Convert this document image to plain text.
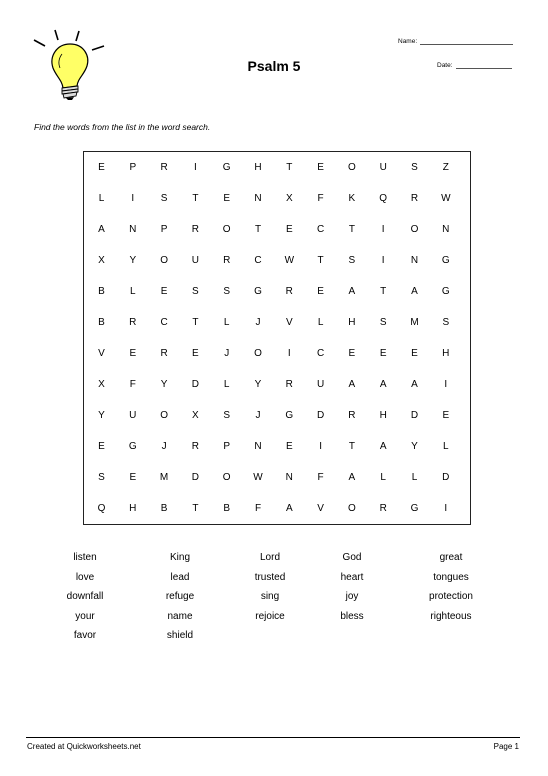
Psalm 5
Name:
Date:
Find the words from the list in the word search.
E	P	R	I	G	H	T	E	O	U	S	Z
L	I	S	T	E	N	X	F	K	Q	R	W
A	N	P	R	O	T	E	C	T	I	O	N
X	Y	O	U	R	C	W	T	S	I	N	G
B	L	E	S	S	G	R	E	A	T	A	G
B	R	C	T	L	J	V	L	H	S	M	S
V	E	R	E	J	O	I	C	E	E	E	H
X	F	Y	D	L	Y	R	U	A	A	A	I
Y	U	O	X	S	J	G	D	R	H	D	E
E	G	J	R	P	N	E	I	T	A	Y	L
S	E	M	D	O	W	N	F	A	L	L	D
Q	H	B	T	B	F	A	V	O	R	G	I
listen	King	Lord	God	great
love	lead	trusted	heart	tongues
downfall	refuge	sing	joy	protection
your	name	rejoice	bless	righteous
favor	shield
Created at Quickworksheets.net	Page 1
